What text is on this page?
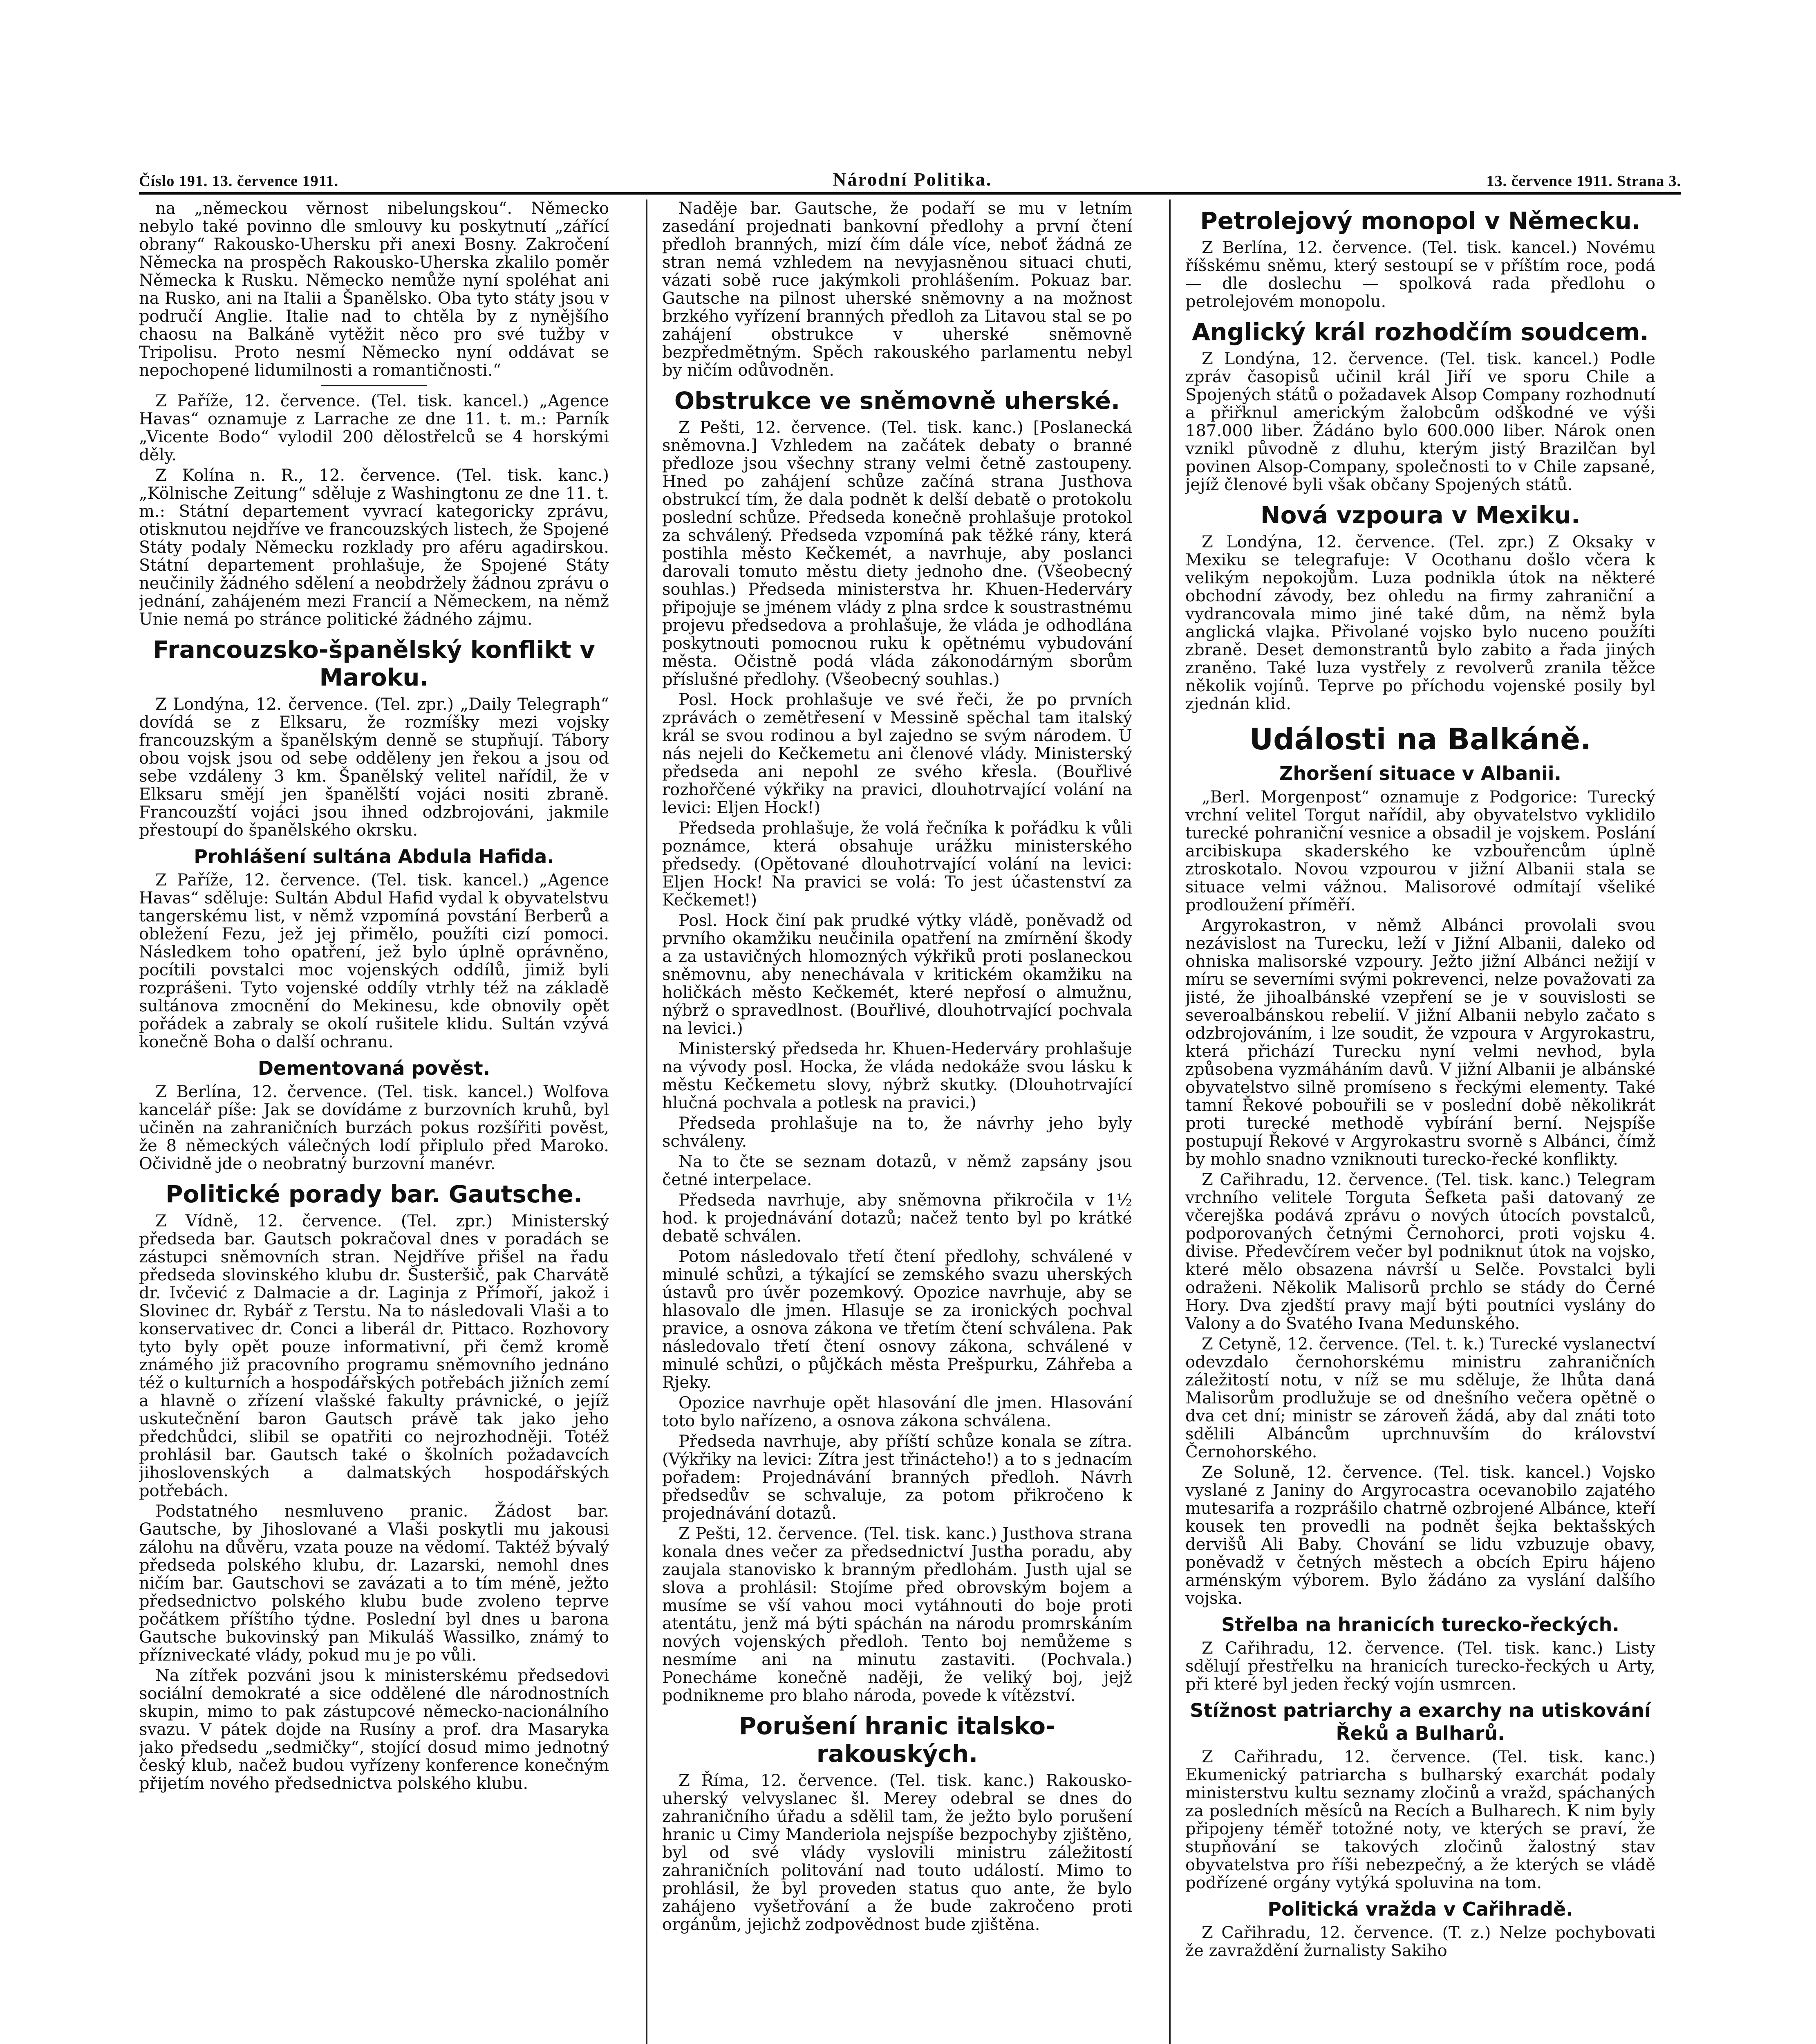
Číslo 191. 13. července 1911.	Národní Politika.	13. července 1911. Strana 3.

na „německou věrnost nibelungskou“. Německo nebylo také povinno dle smlouvy ku poskytnutí „zářící obrany“ Rakousko-Uhersku při anexi Bosny. Zakročení Německa na prospěch Rakousko-Uherska zkalilo poměr Německa k Rusku. Německo nemůže nyní spoléhat ani na Rusko, ani na Italii a Španělsko. Oba tyto státy jsou v područí Anglie. Italie nad to chtěla by z nynějšího chaosu na Balkáně vytěžit něco pro své tužby v Tripolisu. Proto nesmí Německo nyní oddávat se nepochopené lidumilnosti a romantičnosti.“

Z Paříže, 12. července. (Tel. tisk. kancel.) „Agence Havas“ oznamuje z Larrache ze dne 11. t. m.: Parník „Vicente Bodo“ vylodil 200 dělostřelců se 4 horskými děly.

Z Kolína n. R., 12. července. (Tel. tisk. kanc.) „Kölnische Zeitung“ sděluje z Washingtonu ze dne 11. t. m.: Státní departement vyvrací kategoricky zprávu, otisknutou nejdříve ve francouzských listech, že Spojené Státy podaly Německu rozklady pro aféru agadirskou. Státní departement prohlašuje, že Spojené Státy neučinily žádného sdělení a neobdržely žádnou zprávu o jednání, zahájeném mezi Francií a Německem, na němž Unie nemá po stránce politické žádného zájmu.

Francouzsko-španělský konflikt v Maroku.

Z Londýna, 12. července. (Tel. zpr.) „Daily Telegraph“ dovídá se z Elksaru, že rozmíšky mezi vojsky francouzským a španělským denně se stupňují. Tábory obou vojsk jsou od sebe odděleny jen řekou a jsou od sebe vzdáleny 3 km. Španělský velitel nařídil, že v Elksaru smějí jen španělští vojáci nositi zbraně. Francouzští vojáci jsou ihned odzbrojováni, jakmile přestoupí do španělského okrsku.

Prohlášení sultána Abdula Hafida.

Z Paříže, 12. července. (Tel. tisk. kancel.) „Agence Havas“ sděluje: Sultán Abdul Hafid vydal k obyvatelstvu tangerskému list, v němž vzpomíná povstání Berberů a obležení Fezu, jež jej přimělo, použíti cizí pomoci. Následkem toho opatření, jež bylo úplně oprávněno, pocítili povstalci moc vojenských oddílů, jimiž byli rozprášeni. Tyto vojenské oddíly vtrhly též na základě sultánova zmocnění do Mekinesu, kde obnovily opět pořádek a zabraly se okolí rušitele klidu. Sultán vzývá konečně Boha o další ochranu.

Dementovaná pověst.

Z Berlína, 12. července. (Tel. tisk. kancel.) Wolfova kancelář píše: Jak se dovídáme z burzovních kruhů, byl učiněn na zahraničních burzách pokus rozšířiti pověst, že 8 německých válečných lodí připlulo před Maroko. Očividně jde o neobratný burzovní manévr.

Politické porady bar. Gautsche.

Z Vídně, 12. července. (Tel. zpr.) Ministerský předseda bar. Gautsch pokračoval dnes v poradách se zástupci sněmovních stran. Nejdříve přišel na řadu předseda slovinského klubu dr. Šusteršič, pak Charvátě dr. Ivčević z Dalmacie a dr. Laginja z Přímoří, jakož i Slovinec dr. Rybář z Terstu. Na to následovali Vlaši a to konservativec dr. Conci a liberál dr. Pittaco. Rozhovory tyto byly opět pouze informativní, při čemž kromě známého již pracovního programu sněmovního jednáno též o kulturních a hospodářských potřebách jižních zemí a hlavně o zřízení vlašské fakulty právnické, o jejíž uskutečnění baron Gautsch právě tak jako jeho předchůdci, slibil se opatřiti co nejrozhodněji. Totéž prohlásil bar. Gautsch také o školních požadavcích jihoslovenských a dalmatských hospodářských potřebách.

Podstatného nesmluveno pranic. Žádost bar. Gautsche, by Jihoslované a Vlaši poskytli mu jakousi zálohu na důvěru, vzata pouze na vědomí. Taktéž bývalý předseda polského klubu, dr. Lazarski, nemohl dnes ničím bar. Gautschovi se zavázati a to tím méně, ježto předsednictvo polského klubu bude zvoleno teprve počátkem příštího týdne. Poslední byl dnes u barona Gautsche bukovinský pan Mikuláš Wassilko, známý to přízniveckaté vlády, pokud mu je po vůli.

Na zítřek pozváni jsou k ministerskému předsedovi sociální demokraté a sice oddělené dle národnostních skupin, mimo to pak zástupcové německo-nacionálního svazu. V pátek dojde na Rusíny a prof. dra Masaryka jako předsedu „sedmičky“, stojící dosud mimo jednotný český klub, načež budou vyřízeny konference konečným přijetím nového předsednictva polského klubu.

Naděje bar. Gautsche, že podaří se mu v letním zasedání projednati bankovní předlohy a první čtení předloh branných, mizí čím dále více, neboť žádná ze stran nemá vzhledem na nevyjasněnou situaci chuti, vázati sobě ruce jakýmkoli prohlášením. Pokuaz bar. Gautsche na pilnost uherské sněmovny a na možnost brzkého vyřízení branných předloh za Litavou stal se po zahájení obstrukce v uherské sněmovně bezpředmětným. Spěch rakouského parlamentu nebyl by ničím odůvodněn.

Obstrukce ve sněmovně uherské.

Z Pešti, 12. července. (Tel. tisk. kanc.) [Poslanecká sněmovna.] Vzhledem na začátek debaty o branné předloze jsou všechny strany velmi četně zastoupeny. Hned po zahájení schůze začíná strana Justhova obstrukcí tím, že dala podnět k delší debatě o protokolu poslední schůze. Předseda konečně prohlašuje protokol za schválený. Předseda vzpomíná pak těžké rány, která postihla město Kečkemét, a navrhuje, aby poslanci darovali tomuto městu diety jednoho dne. (Všeobecný souhlas.) Předseda ministerstva hr. Khuen-Hederváry připojuje se jménem vlády z plna srdce k soustrastnému projevu předsedova a prohlašuje, že vláda je odhodlána poskytnouti pomocnou ruku k opětnému vybudování města. Očistně podá vláda zákonodárným sborům příslušné předlohy. (Všeobecný souhlas.)

Posl. Hock prohlašuje ve své řeči, že po prvních zprávách o zemětřesení v Messině spěchal tam italský král se svou rodinou a byl zajedno se svým národem. U nás nejeli do Kečkemetu ani členové vlády. Ministerský předseda ani nepohl ze svého křesla. (Bouřlivé rozhořčené výkřiky na pravici, dlouhotrvající volání na levici: Eljen Hock!)

Předseda prohlašuje, že volá řečníka k pořádku k vůli poznámce, která obsahuje urážku ministerského předsedy. (Opětované dlouhotrvající volání na levici: Eljen Hock! Na pravici se volá: To jest účastenství za Kečkemet!)

Posl. Hock činí pak prudké výtky vládě, poněvadž od prvního okamžiku neučinila opatření na zmírnění škody a za ustavičných hlomozných výkřiků proti poslaneckou sněmovnu, aby nenechávala v kritickém okamžiku na holičkách město Kečkemét, které nepřosí o almužnu, nýbrž o spravedlnost. (Bouřlivé, dlouhotrvající pochvala na levici.)

Ministerský předseda hr. Khuen-Hederváry prohlašuje na vývody posl. Hocka, že vláda nedokáže svou lásku k městu Kečkemetu slovy, nýbrž skutky. (Dlouhotrvající hlučná pochvala a potlesk na pravici.)

Předseda prohlašuje na to, že návrhy jeho byly schváleny.

Na to čte se seznam dotazů, v němž zapsány jsou četné interpelace.

Předseda navrhuje, aby sněmovna přikročila v 1½ hod. k projednávání dotazů; načež tento byl po krátké debatě schválen.

Potom následovalo třetí čtení předlohy, schválené v minulé schůzi, a týkající se zemského svazu uherských ústavů pro úvěr pozemkový. Opozice navrhuje, aby se hlasovalo dle jmen. Hlasuje se za ironických pochval pravice, a osnova zákona ve třetím čtení schválena. Pak následovalo třetí čtení osnovy zákona, schválené v minulé schůzi, o půjčkách města Prešpurku, Záhřeba a Rjeky.

Opozice navrhuje opět hlasování dle jmen. Hlasování toto bylo nařízeno, a osnova zákona schválena.

Předseda navrhuje, aby příští schůze konala se zítra. (Výkřiky na levici: Zítra jest třinácteho!) a to s jednacím pořadem: Projednávání branných předloh. Návrh předsedův se schvaluje, za potom přikročeno k projednávání dotazů.

Z Pešti, 12. července. (Tel. tisk. kanc.) Justhova strana konala dnes večer za předsednictví Justha poradu, aby zaujala stanovisko k branným předlohám. Justh ujal se slova a prohlásil: Stojíme před obrovským bojem a musíme se vší vahou moci vytáhnouti do boje proti atentátu, jenž má býti spáchán na národu promrskáním nových vojenských předloh. Tento boj nemůžeme s nesmíme ani na minutu zastaviti. (Pochvala.) Ponecháme konečně naději, že veliký boj, jejž podnikneme pro blaho národa, povede k vítězství.

Porušení hranic italsko-rakouských.

Z Říma, 12. července. (Tel. tisk. kanc.) Rakousko-uherský velvyslanec šl. Merey odebral se dnes do zahraničního úřadu a sdělil tam, že ježto bylo porušení hranic u Cimy Manderiola nejspíše bezpochyby zjištěno, byl od své vlády vyslovili ministru záležitostí zahraničních politování nad touto událostí. Mimo to prohlásil, že byl proveden status quo ante, že bylo zahájeno vyšetřování a že bude zakročeno proti orgánům, jejichž zodpovědnost bude zjištěna.

Petrolejový monopol v Německu.

Z Berlína, 12. července. (Tel. tisk. kancel.) Novému říšskému sněmu, který sestoupí se v příštím roce, podá — dle doslechu — spolková rada předlohu o petrolejovém monopolu.

Anglický král rozhodčím soudcem.

Z Londýna, 12. července. (Tel. tisk. kancel.) Podle zpráv časopisů učinil král Jiří ve sporu Chile a Spojených států o požadavek Alsop Company rozhodnutí a přiřknul americkým žalobcům odškodné ve výši 187.000 liber. Žádáno bylo 600.000 liber. Nárok onen vznikl původně z dluhu, kterým jistý Brazilčan byl povinen Alsop-Company, společnosti to v Chile zapsané, jejíž členové byli však občany Spojených států.

Nová vzpoura v Mexiku.

Z Londýna, 12. července. (Tel. zpr.) Z Oksaky v Mexiku se telegrafuje: V Ocothanu došlo včera k velikým nepokojům. Luza podnikla útok na některé obchodní závody, bez ohledu na firmy zahraniční a vydrancovala mimo jiné také dům, na němž byla anglická vlajka. Přivolané vojsko bylo nuceno použíti zbraně. Deset demonstrantů bylo zabito a řada jiných zraněno. Také luza vystřely z revolverů zranila těžce několik vojínů. Teprve po příchodu vojenské posily byl zjednán klid.

Události na Balkáně.
Zhoršení situace v Albanii.

„Berl. Morgenpost“ oznamuje z Podgorice: Turecký vrchní velitel Torgut nařídil, aby obyvatelstvo vyklidilo turecké pohraniční vesnice a obsadil je vojskem. Poslání arcibiskupa skaderského ke vzbouřencům úplně ztroskotalo. Novou vzpourou v jižní Albanii stala se situace velmi vážnou. Malisorové odmítají všeliké prodloužení příměří.

Argyrokastron, v němž Albánci provolali svou nezávislost na Turecku, leží v Jižní Albanii, daleko od ohniska malisorské vzpoury. Ježto jižní Albánci nežijí v míru se severními svými pokrevenci, nelze považovati za jisté, že jihoalbánské vzepření se je v souvislosti se severoalbánskou rebelií. V jižní Albanii nebylo začato s odzbrojováním, i lze soudit, že vzpoura v Argyrokastru, která přichází Turecku nyní velmi nevhod, byla způsobena vyzmáháním davů. V jižní Albanii je albánské obyvatelstvo silně promíseno s řeckými elementy. Také tamní Řekové pobouřili se v poslední době několikrát proti turecké methodě vybírání berní. Nejspíše postupují Řekové v Argyrokastru svorně s Albánci, čímž by mohlo snadno vzniknouti turecko-řecké konflikty.

Z Cařihradu, 12. července. (Tel. tisk. kanc.) Telegram vrchního velitele Torguta Šefketa paši datovaný ze včerejška podává zprávu o nových útocích povstalců, podporovaných četnými Černohorci, proti vojsku 4. divise. Předevčírem večer byl podniknut útok na vojsko, které mělo obsazena návrší u Selče. Povstalci byli odraženi. Několik Malisorů prchlo se stády do Černé Hory. Dva zjedští pravy mají býti poutníci vyslány do Valony a do Svatého Ivana Medunského.

Z Cetyně, 12. července. (Tel. t. k.) Turecké vyslanectví odevzdalo černohorskému ministru zahraničních záležitostí notu, v níž se mu sděluje, že lhůta daná Malisorům prodlužuje se od dnešního večera opětně o dva cet dní; ministr se zároveň žádá, aby dal znáti toto sdělili Albáncům uprchnuvším do království Černohorského.

Ze Soluně, 12. července. (Tel. tisk. kancel.) Vojsko vyslané z Janiny do Argyrocastra ocevanobilo zajatého mutesarifa a rozprášilo chatrně ozbrojené Albánce, kteří kousek ten provedli na podnět šejka bektašských dervišů Ali Baby. Chování se lidu vzbuzuje obavy, poněvadž v četných městech a obcích Epiru hájeno arménským výborem. Bylo žádáno za vyslání dalšího vojska.

Střelba na hranicích turecko-řeckých.

Z Cařihradu, 12. července. (Tel. tisk. kanc.) Listy sdělují přestřelku na hranicích turecko-řeckých u Arty, při které byl jeden řecký vojín usmrcen.

Stížnost patriarchy a exarchy na utiskování Řeků a Bulharů.

Z Cařihradu, 12. července. (Tel. tisk. kanc.) Ekumenický patriarcha s bulharský exarchát podaly ministerstvu kultu seznamy zločinů a vražd, spáchaných za posledních měsíců na Recích a Bulharech. K nim byly připojeny téměř totožné noty, ve kterých se praví, že stupňování se takových zločinů žalostný stav obyvatelstva pro říši nebezpečný, a že kterých se vládě podřízené orgány vytýká spoluvina na tom.

Politická vražda v Cařihradě.

Z Cařihradu, 12. července. (T. z.) Nelze pochybovati že zavraždění žurnalisty Sakiho
